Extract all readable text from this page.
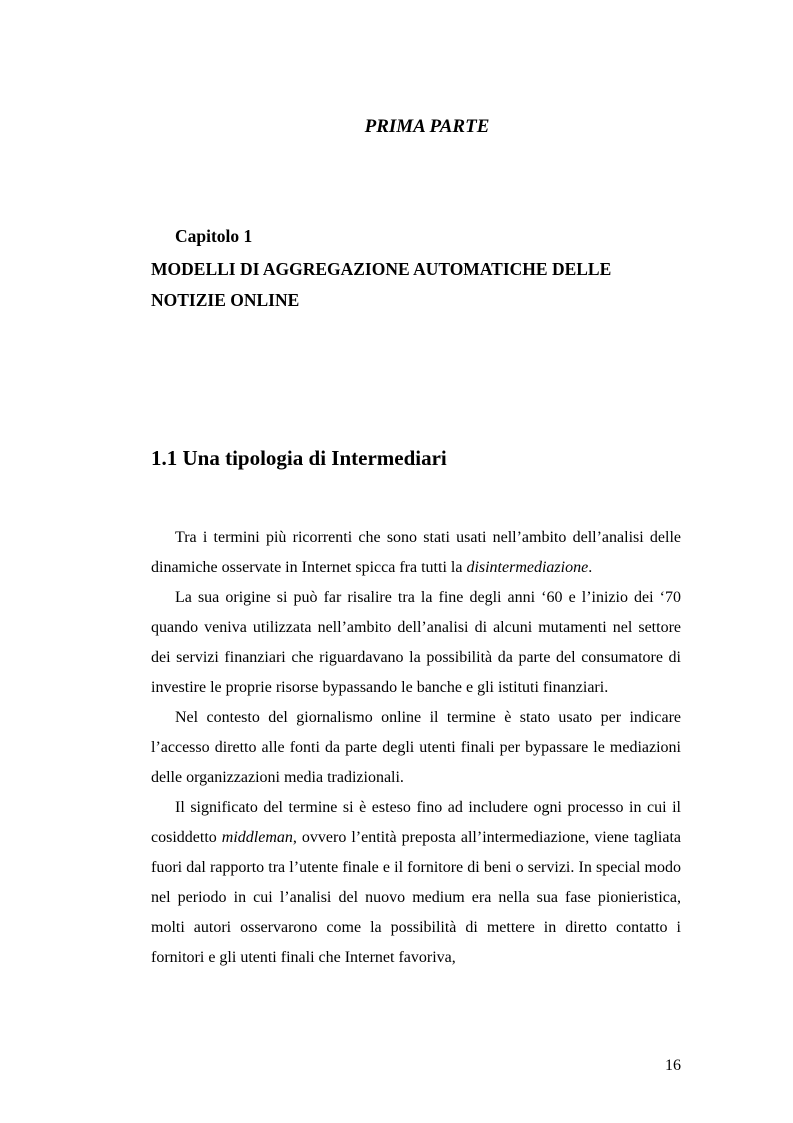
PRIMA PARTE
Capitolo 1
MODELLI DI AGGREGAZIONE AUTOMATICHE DELLE NOTIZIE ONLINE
1.1 Una tipologia di Intermediari

Tra i termini più ricorrenti che sono stati usati nell’ambito dell’analisi delle dinamiche osservate in Internet spicca fra tutti la disintermediazione.

La sua origine si può far risalire tra la fine degli anni ‘60 e l’inizio dei ‘70 quando veniva utilizzata nell’ambito dell’analisi di alcuni mutamenti nel settore dei servizi finanziari che riguardavano la possibilità da parte del consumatore di investire le proprie risorse bypassando le banche e gli istituti finanziari.

Nel contesto del giornalismo online il termine è stato usato per indicare l’accesso diretto alle fonti da parte degli utenti finali per bypassare le mediazioni delle organizzazioni media tradizionali.

Il significato del termine si è esteso fino ad includere ogni processo in cui il cosiddetto middleman, ovvero l’entità preposta all’intermediazione, viene tagliata fuori dal rapporto tra l’utente finale e il fornitore di beni o servizi. In special modo nel periodo in cui l’analisi del nuovo medium era nella sua fase pionieristica, molti autori osservarono come la possibilità di mettere in diretto contatto i fornitori e gli utenti finali che Internet favoriva,

16
